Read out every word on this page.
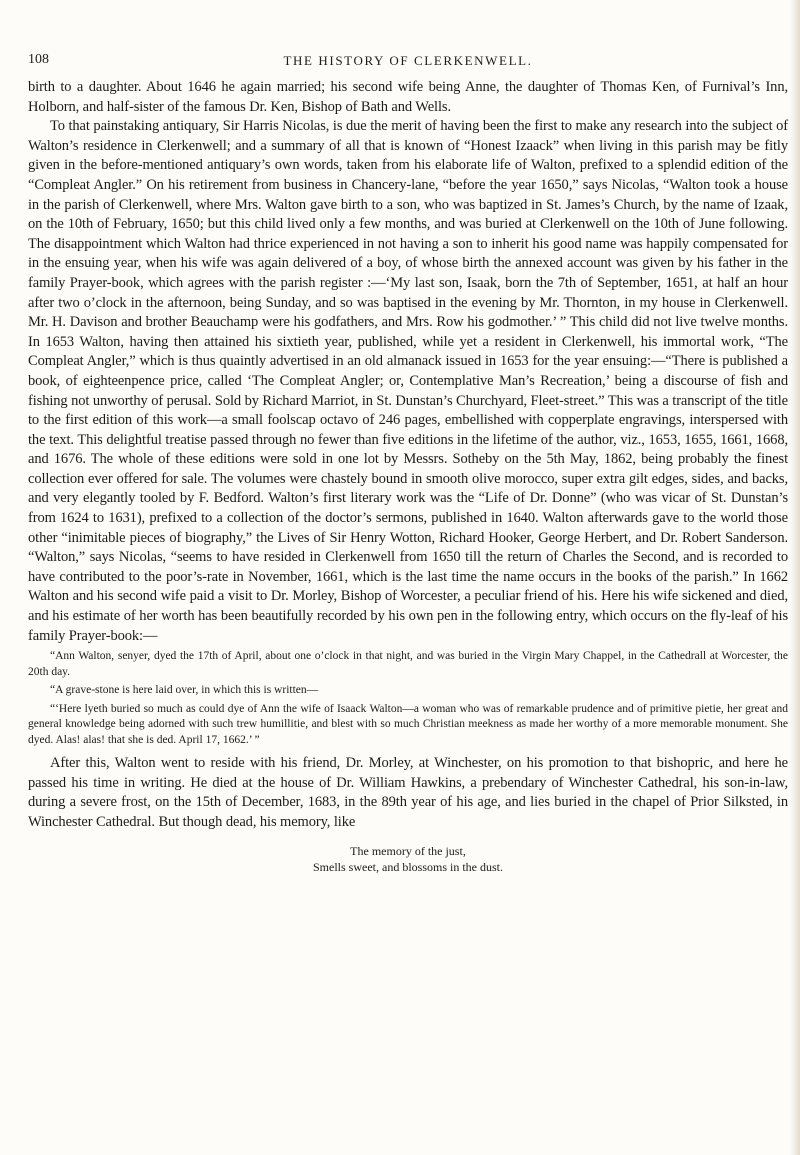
108	THE HISTORY OF CLERKENWELL.

birth to a daughter. About 1646 he again married; his second wife being Anne, the daughter of Thomas Ken, of Furnival’s Inn, Holborn, and half-sister of the famous Dr. Ken, Bishop of Bath and Wells.

To that painstaking antiquary, Sir Harris Nicolas, is due the merit of having been the first to make any research into the subject of Walton’s residence in Clerkenwell; and a summary of all that is known of “Honest Izaack” when living in this parish may be fitly given in the before-mentioned antiquary’s own words, taken from his elaborate life of Walton, prefixed to a splendid edition of the “Compleat Angler.” On his retirement from business in Chancery-lane, “before the year 1650,” says Nicolas, “Walton took a house in the parish of Clerkenwell, where Mrs. Walton gave birth to a son, who was baptized in St. James’s Church, by the name of Izaak, on the 10th of February, 1650; but this child lived only a few months, and was buried at Clerkenwell on the 10th of June following. The disappointment which Walton had thrice experienced in not having a son to inherit his good name was happily compensated for in the ensuing year, when his wife was again delivered of a boy, of whose birth the annexed account was given by his father in the family Prayer-book, which agrees with the parish register :—‘My last son, Isaak, born the 7th of September, 1651, at half an hour after two o’clock in the afternoon, being Sunday, and so was baptised in the evening by Mr. Thornton, in my house in Clerkenwell. Mr. H. Davison and brother Beauchamp were his godfathers, and Mrs. Row his godmother.’ ” This child did not live twelve months. In 1653 Walton, having then attained his sixtieth year, published, while yet a resident in Clerkenwell, his immortal work, “The Compleat Angler,” which is thus quaintly advertised in an old almanack issued in 1653 for the year ensuing:—“There is published a book, of eighteenpence price, called ‘The Compleat Angler; or, Contemplative Man’s Recreation,’ being a discourse of fish and fishing not unworthy of perusal. Sold by Richard Marriot, in St. Dunstan’s Churchyard, Fleet-street.” This was a transcript of the title to the first edition of this work—a small foolscap octavo of 246 pages, embellished with copperplate engravings, interspersed with the text. This delightful treatise passed through no fewer than five editions in the lifetime of the author, viz., 1653, 1655, 1661, 1668, and 1676. The whole of these editions were sold in one lot by Messrs. Sotheby on the 5th May, 1862, being probably the finest collection ever offered for sale. The volumes were chastely bound in smooth olive morocco, super extra gilt edges, sides, and backs, and very elegantly tooled by F. Bedford. Walton’s first literary work was the “Life of Dr. Donne” (who was vicar of St. Dunstan’s from 1624 to 1631), prefixed to a collection of the doctor’s sermons, published in 1640. Walton afterwards gave to the world those other “inimitable pieces of biography,” the Lives of Sir Henry Wotton, Richard Hooker, George Herbert, and Dr. Robert Sanderson. “Walton,” says Nicolas, “seems to have resided in Clerkenwell from 1650 till the return of Charles the Second, and is recorded to have contributed to the poor’s-rate in November, 1661, which is the last time the name occurs in the books of the parish.” In 1662 Walton and his second wife paid a visit to Dr. Morley, Bishop of Worcester, a peculiar friend of his. Here his wife sickened and died, and his estimate of her worth has been beautifully recorded by his own pen in the following entry, which occurs on the fly-leaf of his family Prayer-book:—

“Ann Walton, senyer, dyed the 17th of April, about one o’clock in that night, and was buried in the Virgin Mary Chappel, in the Cathedrall at Worcester, the 20th day.

“A grave-stone is here laid over, in which this is written—

“‘Here lyeth buried so much as could dye of Ann the wife of Isaack Walton—a woman who was of remarkable prudence and of primitive pietie, her great and general knowledge being adorned with such trew humillitie, and blest with so much Christian meekness as made her worthy of a more memorable monument. She dyed. Alas! alas! that she is ded. April 17, 1662.’ ”

After this, Walton went to reside with his friend, Dr. Morley, at Winchester, on his promotion to that bishopric, and here he passed his time in writing. He died at the house of Dr. William Hawkins, a prebendary of Winchester Cathedral, his son-in-law, during a severe frost, on the 15th of December, 1683, in the 89th year of his age, and lies buried in the chapel of Prior Silksted, in Winchester Cathedral. But though dead, his memory, like

The memory of the just,
Smells sweet, and blossoms in the dust.
